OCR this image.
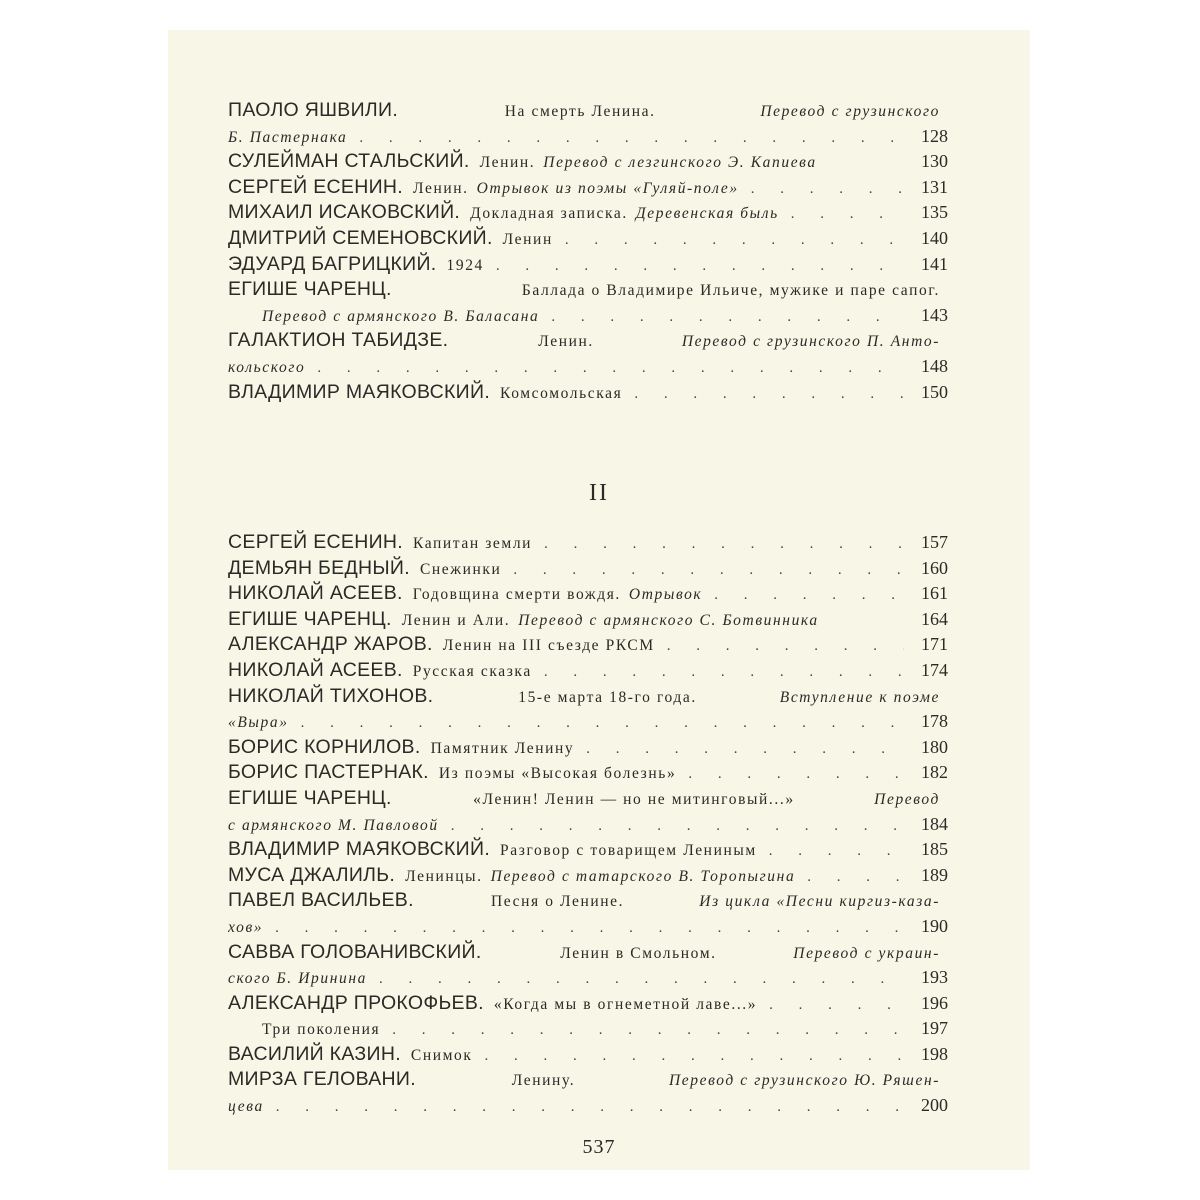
ПАОЛО ЯШВИЛИ.	На смерть Ленина.	Перевод с грузинского
Б. Пастернака . . .	128
СУЛЕЙМАН СТАЛЬСКИЙ. Ленин. Перевод с лезгинского Э. Капиева	130
СЕРГЕЙ ЕСЕНИН. Ленин. Отрывок из поэмы «Гуляй-поле» . . .	131
МИХАИЛ ИСАКОВСКИЙ. Докладная записка. Деревенская быль . . .	135
ДМИТРИЙ СЕМЕНОВСКИЙ. Ленин . . .	140
ЭДУАРД БАГРИЦКИЙ. 1924 . . .	141
ЕГИШЕ ЧАРЕНЦ.	Баллада о Владимире Ильиче, мужике и паре сапог.
Перевод с армянского В. Баласана . . .	143
ГАЛАКТИОН ТАБИДЗЕ.	Ленин.	Перевод с грузинского П. Анто-
кольского . . .	148
ВЛАДИМИР МАЯКОВСКИЙ. Комсомольская . . .	150
II
СЕРГЕЙ ЕСЕНИН. Капитан земли . . .	157
ДЕМЬЯН БЕДНЫЙ. Снежинки . . .	160
НИКОЛАЙ АСЕЕВ. Годовщина смерти вождя. Отрывок . . .	161
ЕГИШЕ ЧАРЕНЦ. Ленин и Али. Перевод с армянского С. Ботвинника	164
АЛЕКСАНДР ЖАРОВ. Ленин на III съезде РКСМ . . .	171
НИКОЛАЙ АСЕЕВ. Русская сказка . . .	174
НИКОЛАЙ ТИХОНОВ.	15-е марта 18-го года.	Вступление к поэме
«Выра» . . .	178
БОРИС КОРНИЛОВ. Памятник Ленину . . .	180
БОРИС ПАСТЕРНАК. Из поэмы «Высокая болезнь» . . .	182
ЕГИШЕ ЧАРЕНЦ.	«Ленин! Ленин — но не митинговый...»	Перевод
с армянского М. Павловой . . .	184
ВЛАДИМИР МАЯКОВСКИЙ. Разговор с товарищем Лениным . . .	185
МУСА ДЖАЛИЛЬ. Ленинцы. Перевод с татарского В. Торопыгина . . .	189
ПАВЕЛ ВАСИЛЬЕВ.	Песня о Ленине.	Из цикла «Песни киргиз-каза-
хов» . . .	190
САВВА ГОЛОВАНИВСКИЙ.	Ленин в Смольном.	Перевод с украин-
ского Б. Иринина . . .	193
АЛЕКСАНДР ПРОКОФЬЕВ. «Когда мы в огнеметной лаве...» . . .	196
Три поколения . . .	197
ВАСИЛИЙ КАЗИН. Снимок . . .	198
МИРЗА ГЕЛОВАНИ.	Ленину.	Перевод с грузинского Ю. Ряшен-
цева . . .	200
537
